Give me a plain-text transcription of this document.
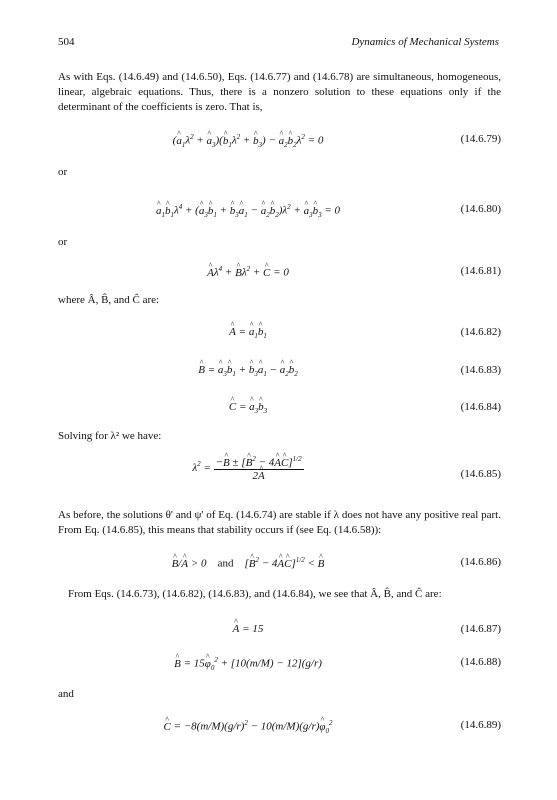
504	Dynamics of Mechanical Systems
As with Eqs. (14.6.49) and (14.6.50), Eqs. (14.6.77) and (14.6.78) are simultaneous, homogeneous, linear, algebraic equations. Thus, there is a nonzero solution to these equations only if the determinant of the coefficients is zero. That is,
(^ $a_1\lambda^2$ + ^ $a_3)(\^{}$ $b_1\lambda^2$ + ^ $b_3$) − ^ $a_2\^{}$ $b_2\lambda^2 = 0$	(14.6.79)
or
^ $a_1\^{}$ $b_1\lambda^4$ + (^ $a_3\^{}$ $b_1$ + ^ $b_3\^{}$ $a_1$ − ^ $a_2\^{}$ $b_2)\lambda^2$ + ^ $a_3\^{}$ $b_3 = 0$	(14.6.80)
or
^ $A\lambda^4$ + ^ $B\lambda^2$ + ^ C = 0	(14.6.81)
where Â, B̂, and Ĉ are:
^ A = ^ $a_1\^{}$ $b_1$	(14.6.82)
^ B = ^ $a_3\^{}$ $b_1$ + ^ $b_3\^{}$ $a_1$ − ^ $a_2\^{}$ $b_2$	(14.6.83)
^ C = ^ $a_3\^{}$ $b_3$	(14.6.84)
Solving for λ² we have:
$\lambda^2 = \frac{-\^{} B \pm [\^{} B^2 - 4\^{} A\^{} C]^{1/2}}{2\^{} A}$	(14.6.85)
As before, the solutions θ' and ψ' of Eq. (14.6.74) are stable if λ does not have any positive real part. From Eq. (14.6.85), this means that stability occurs if (see Eq. (14.6.58)):
^ B/^ A > 0    and    [^ $B^2$ − 4^ A^ C]$^{1/2}$ < ^ B	(14.6.86)
From Eqs. (14.6.73), (14.6.82), (14.6.83), and (14.6.84), we see that Â, B̂, and Ĉ are:
^ A = 15	(14.6.87)
^ B = 15^ $\varphi_0^2 + [10(m/M) - 12](g/r)$	(14.6.88)
and
^ $C = -8(m/M)(g/r)^2$ − 10(m/M)(g/r)^ $\varphi_0^2$	(14.6.89)
